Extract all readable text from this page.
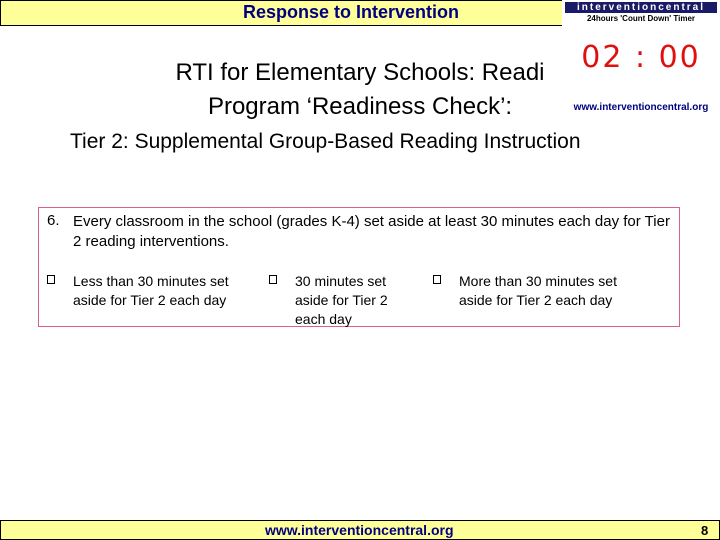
Response to Intervention	interventioncentral
24hours 'Count Down' Timer
02 : 00
www.interventioncentral.org
RTI for Elementary Schools: Readi
Program ‘Readiness Check’:
Tier 2: Supplemental Group-Based Reading Instruction
6. Every classroom in the school (grades K-4) set aside at least 30 minutes each day for Tier 2 reading interventions.
Less than 30 minutes set aside for Tier 2 each day
30 minutes set aside for Tier 2 each day
More than 30 minutes set aside for Tier 2 each day
www.interventioncentral.org	8
